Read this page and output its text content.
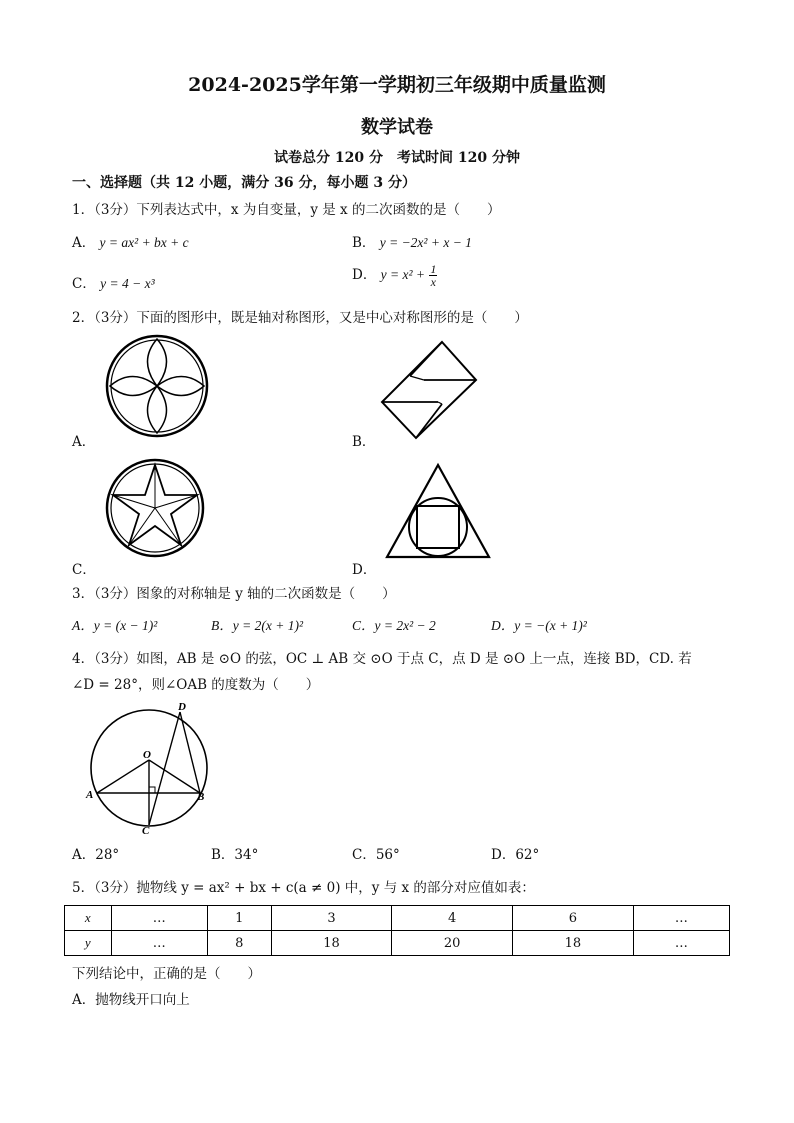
2024-2025学年第一学期初三年级期中质量监测
数学试卷
试卷总分 120 分　考试时间 120 分钟
一、选择题（共 12 小题，满分 36 分，每小题 3 分）
1．（3分）下列表达式中，x 为自变量，y 是 x 的二次函数的是（　　）
A． y = ax² + bx + c	B． y = −2x² + x − 1
C． y = 4 − x³
D． $y = x^2 + \frac{1}{x}$
2．（3分）下面的图形中，既是轴对称图形，又是中心对称图形的是（　　）
A．	B．
C．	D．
3．（3分）图象的对称轴是 y 轴的二次函数是（　　）
A．y = (x − 1)²	B．y = 2(x + 1)²	C．y = 2x² − 2	D．y = −(x + 1)²
4．（3分）如图，AB 是 ⊙O 的弦，OC ⊥ AB 交 ⊙O 于点 C，点 D 是 ⊙O 上一点，连接 BD，CD. 若
∠D = 28°，则∠OAB 的度数为（　　）
D
O
A	B
C
A．28°	B．34°	C．56°	D．62°
5．（3分）抛物线 y = ax² + bx + c(a ≠ 0) 中，y 与 x 的部分对应值如表：
x	…	1	3	4	6	…
y	…	8	18	20	18	…
下列结论中，正确的是（　　）
A．抛物线开口向上
